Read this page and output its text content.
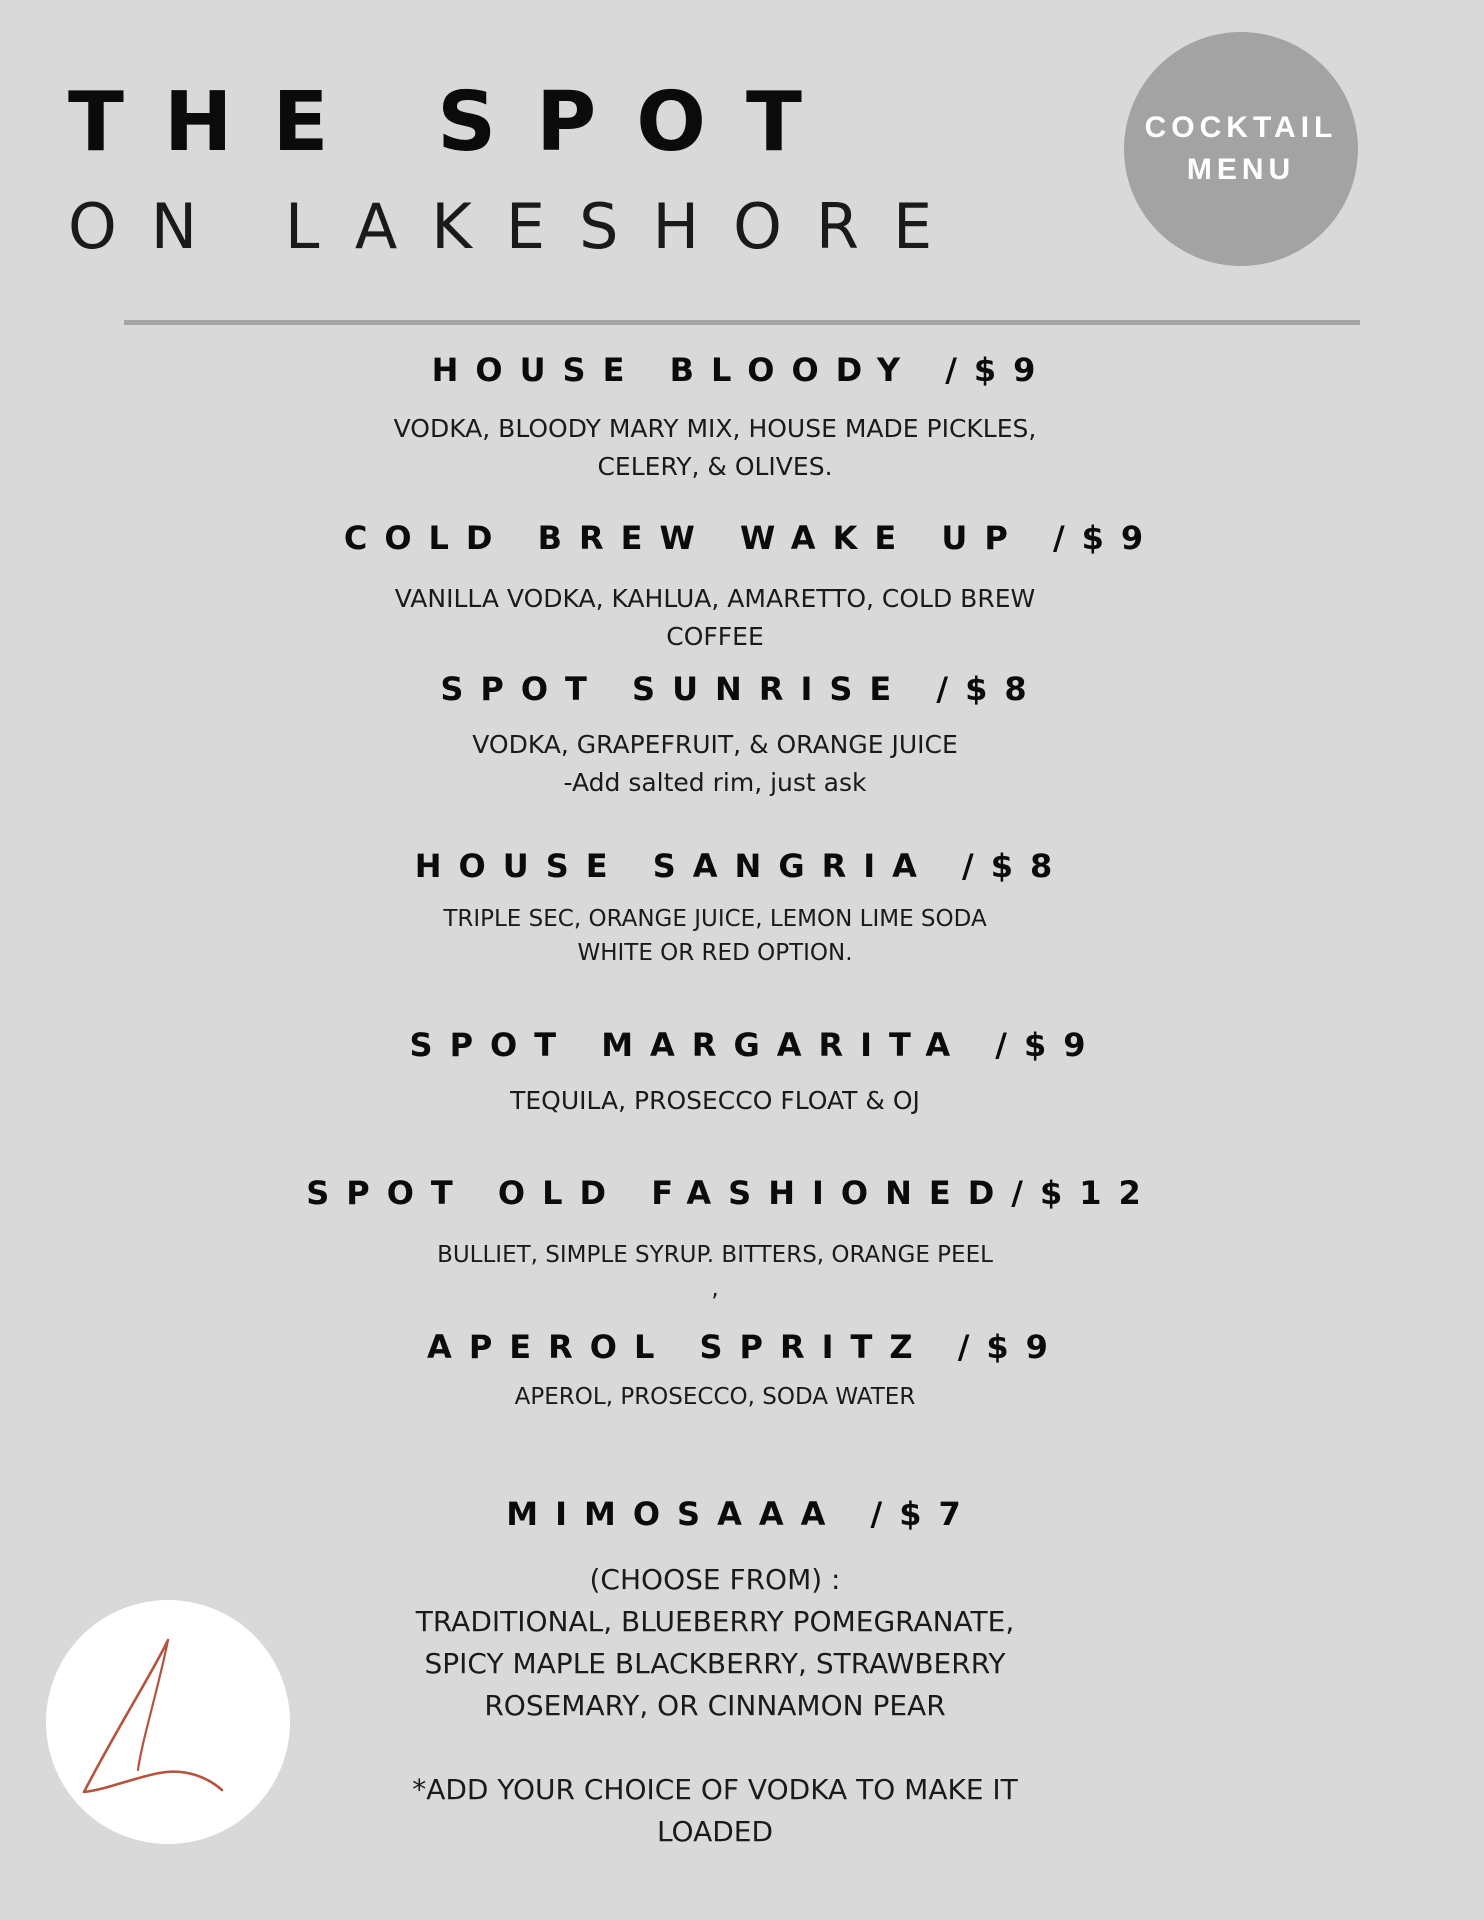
THE SPOT
ON LAKESHORE
COCKTAIL
MENU
HOUSE BLOODY /$9
VODKA, BLOODY MARY MIX, HOUSE MADE PICKLES,
CELERY, & OLIVES.
COLD BREW WAKE UP /$9
VANILLA VODKA, KAHLUA, AMARETTO, COLD BREW
COFFEE
SPOT SUNRISE /$8
VODKA, GRAPEFRUIT, & ORANGE JUICE
-Add salted rim, just ask
HOUSE SANGRIA /$8
TRIPLE SEC, ORANGE JUICE, LEMON LIME SODA
WHITE OR RED OPTION.
SPOT MARGARITA /$9
TEQUILA, PROSECCO FLOAT & OJ
SPOT OLD FASHIONED/$12
BULLIET, SIMPLE SYRUP. BITTERS, ORANGE PEEL
,
APEROL SPRITZ /$9
APEROL, PROSECCO, SODA WATER
MIMOSAAA /$7
(CHOOSE FROM) :
TRADITIONAL, BLUEBERRY POMEGRANATE,
SPICY MAPLE BLACKBERRY, STRAWBERRY
ROSEMARY, OR CINNAMON PEAR
*ADD YOUR CHOICE OF VODKA TO MAKE IT
LOADED
